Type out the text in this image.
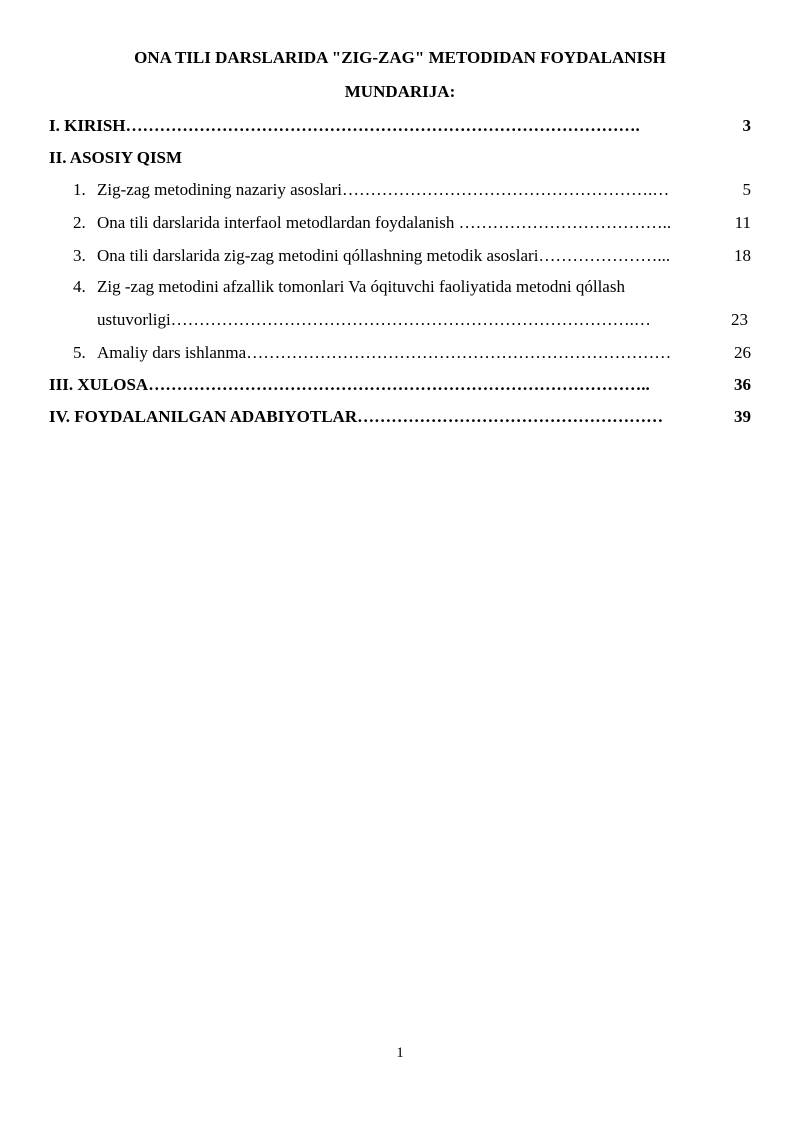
ONA TILI DARSLARIDA "ZIG-ZAG" METODIDAN FOYDALANISH

MUNDARIJA:

I. KIRISH……………………………………………………………………………….	3
II. ASOSIY QISM
1. Zig-zag metodining nazariy asoslari……………………………………………….…	5
2. Ona tili darslarida interfaol metodlardan foydalanish ………………………………..	11
3. Ona tili darslarida zig-zag metodini qóllashning metodik asoslari…………………...	18
4. Zig -zag metodini afzallik tomonlari Va óqituvchi faoliyatida metodni qóllash
ustuvorligi……………………………………………………………………….…	23
5. Amaliy dars ishlanma…………………………………………………………………	26
III. XULOSA……………………………………………………………………………..	36
IV. FOYDALANILGAN ADABIYOTLAR………………………………………………	39

1
